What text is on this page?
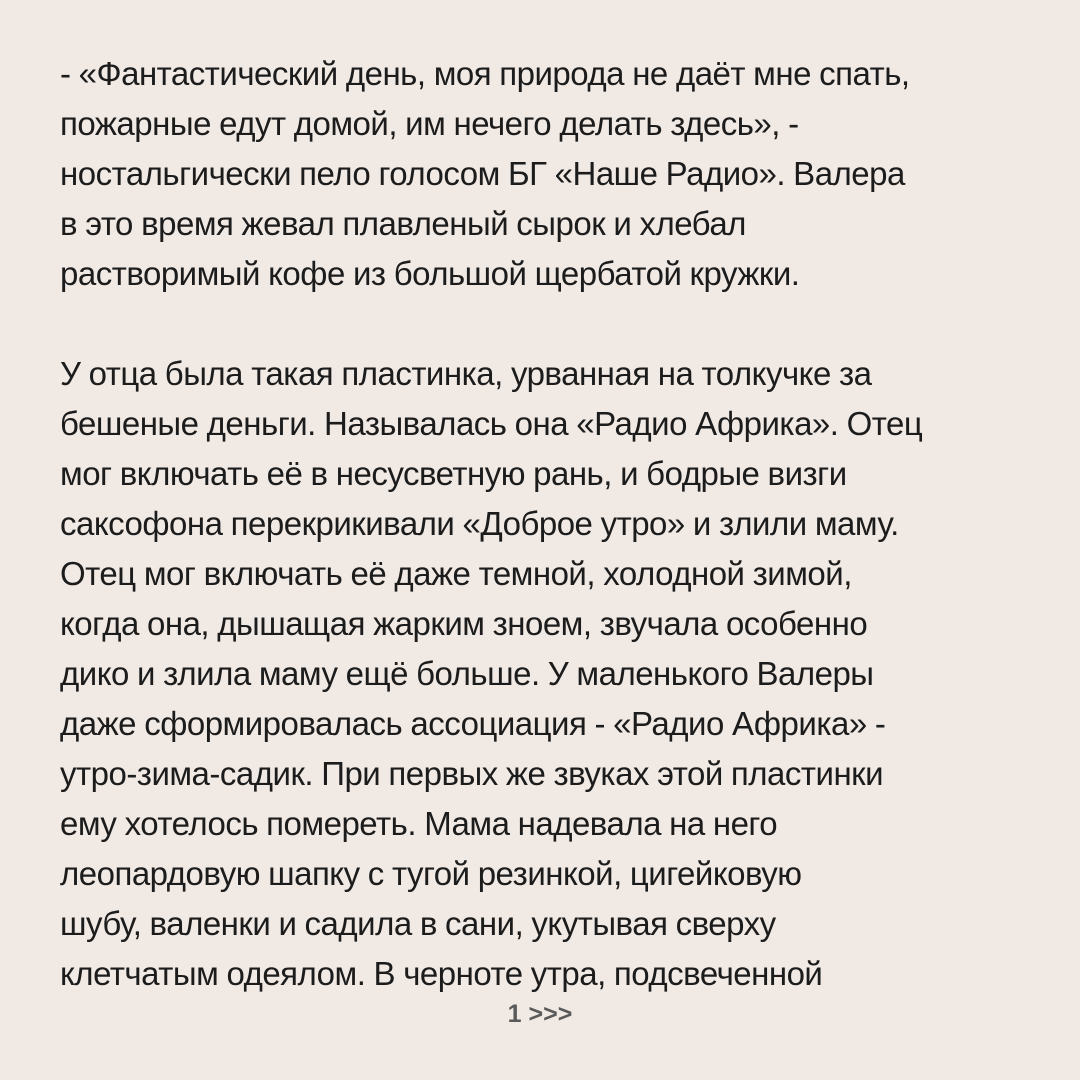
- «Фантастический день, моя природа не даёт мне спать,
пожарные едут домой, им нечего делать здесь», -
ностальгически пело голосом БГ «Наше Радио». Валера
в это время жевал плавленый сырок и хлебал
растворимый кофе из большой щербатой кружки.
У отца была такая пластинка, урванная на толкучке за
бешеные деньги. Называлась она «Радио Африка». Отец
мог включать её в несусветную рань, и бодрые визги
саксофона перекрикивали «Доброе утро» и злили маму.
Отец мог включать её даже темной, холодной зимой,
когда она, дышащая жарким зноем, звучала особенно
дико и злила маму ещё больше. У маленького Валеры
даже сформировалась ассоциация - «Радио Африка» -
утро-зима-садик. При первых же звуках этой пластинки
ему хотелось помереть. Мама надевала на него
леопардовую шапку с тугой резинкой, цигейковую
шубу, валенки и садила в сани, укутывая сверху
клетчатым одеялом. В черноте утра, подсвеченной
1 >>>
